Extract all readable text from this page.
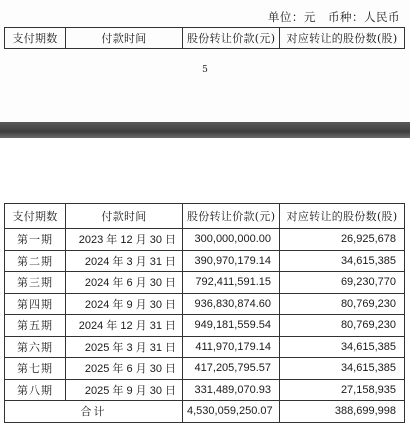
单位：元 币种：人民币
支付期数	付款时间	股份转让价款(元)	对应转让的股份数(股)
5
支付期数	付款时间	股份转让价款(元)	对应转让的股份数(股)
第一期	2023 年 12 月 30 日	300,000,000.00	26,925,678
第二期	2024 年 3 月 31 日	390,970,179.14	34,615,385
第三期	2024 年 6 月 30 日	792,411,591.15	69,230,770
第四期	2024 年 9 月 30 日	936,830,874.60	80,769,230
第五期	2024 年 12 月 31 日	949,181,559.54	80,769,230
第六期	2025 年 3 月 31 日	411,970,179.14	34,615,385
第七期	2025 年 6 月 30 日	417,205,795.57	34,615,385
第八期	2025 年 9 月 30 日	331,489,070.93	27,158,935
合计		4,530,059,250.07	388,699,998
